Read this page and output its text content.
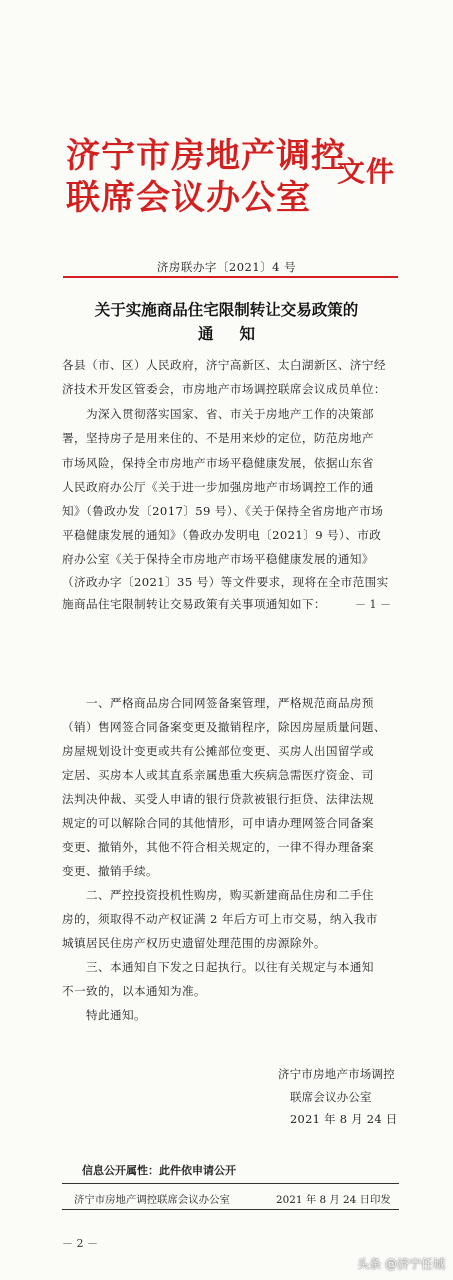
济宁市房地产调控
联席会议办公室
文件
济房联办字〔2021〕4 号
关于实施商品住宅限制转让交易政策的
通知
各县（市、区）人民政府，济宁高新区、太白湖新区、济宁经
济技术开发区管委会，市房地产市场调控联席会议成员单位：
　　为深入贯彻落实国家、省、市关于房地产工作的决策部
署，坚持房子是用来住的、不是用来炒的定位，防范房地产
市场风险，保持全市房地产市场平稳健康发展，依据山东省
人民政府办公厅《关于进一步加强房地产市场调控工作的通
知》（鲁政办发〔2017〕59 号）、《关于保持全省房地产市场
平稳健康发展的通知》（鲁政办发明电〔2021〕9 号）、市政
府办公室《关于保持全市房地产市场平稳健康发展的通知》
（济政办字〔2021〕35 号）等文件要求，现将在全市范围实
施商品住宅限制转让交易政策有关事项通知如下：	－ 1 －
　　一、严格商品房合同网签备案管理，严格规范商品房预
（销）售网签合同备案变更及撤销程序，除因房屋质量问题、
房屋规划设计变更或共有公摊部位变更、买房人出国留学或
定居、买房本人或其直系亲属患重大疾病急需医疗资金、司
法判决仲裁、买受人申请的银行贷款被银行拒贷、法律法规
规定的可以解除合同的其他情形，可申请办理网签合同备案
变更、撤销外，其他不符合相关规定的，一律不得办理备案
变更、撤销手续。
　　二、严控投资投机性购房，购买新建商品住房和二手住
房的，须取得不动产权证满 2 年后方可上市交易，纳入我市
城镇居民住房产权历史遗留处理范围的房源除外。
　　三、本通知自下发之日起执行。以往有关规定与本通知
不一致的，以本通知为准。
　　特此通知。
济宁市房地产市场调控
联席会议办公室
2021 年 8 月 24 日
信息公开属性：此件依申请公开
济宁市房地产调控联席会议办公室	2021 年 8 月 24 日印发
－ 2 －
头条 @济宁任城
